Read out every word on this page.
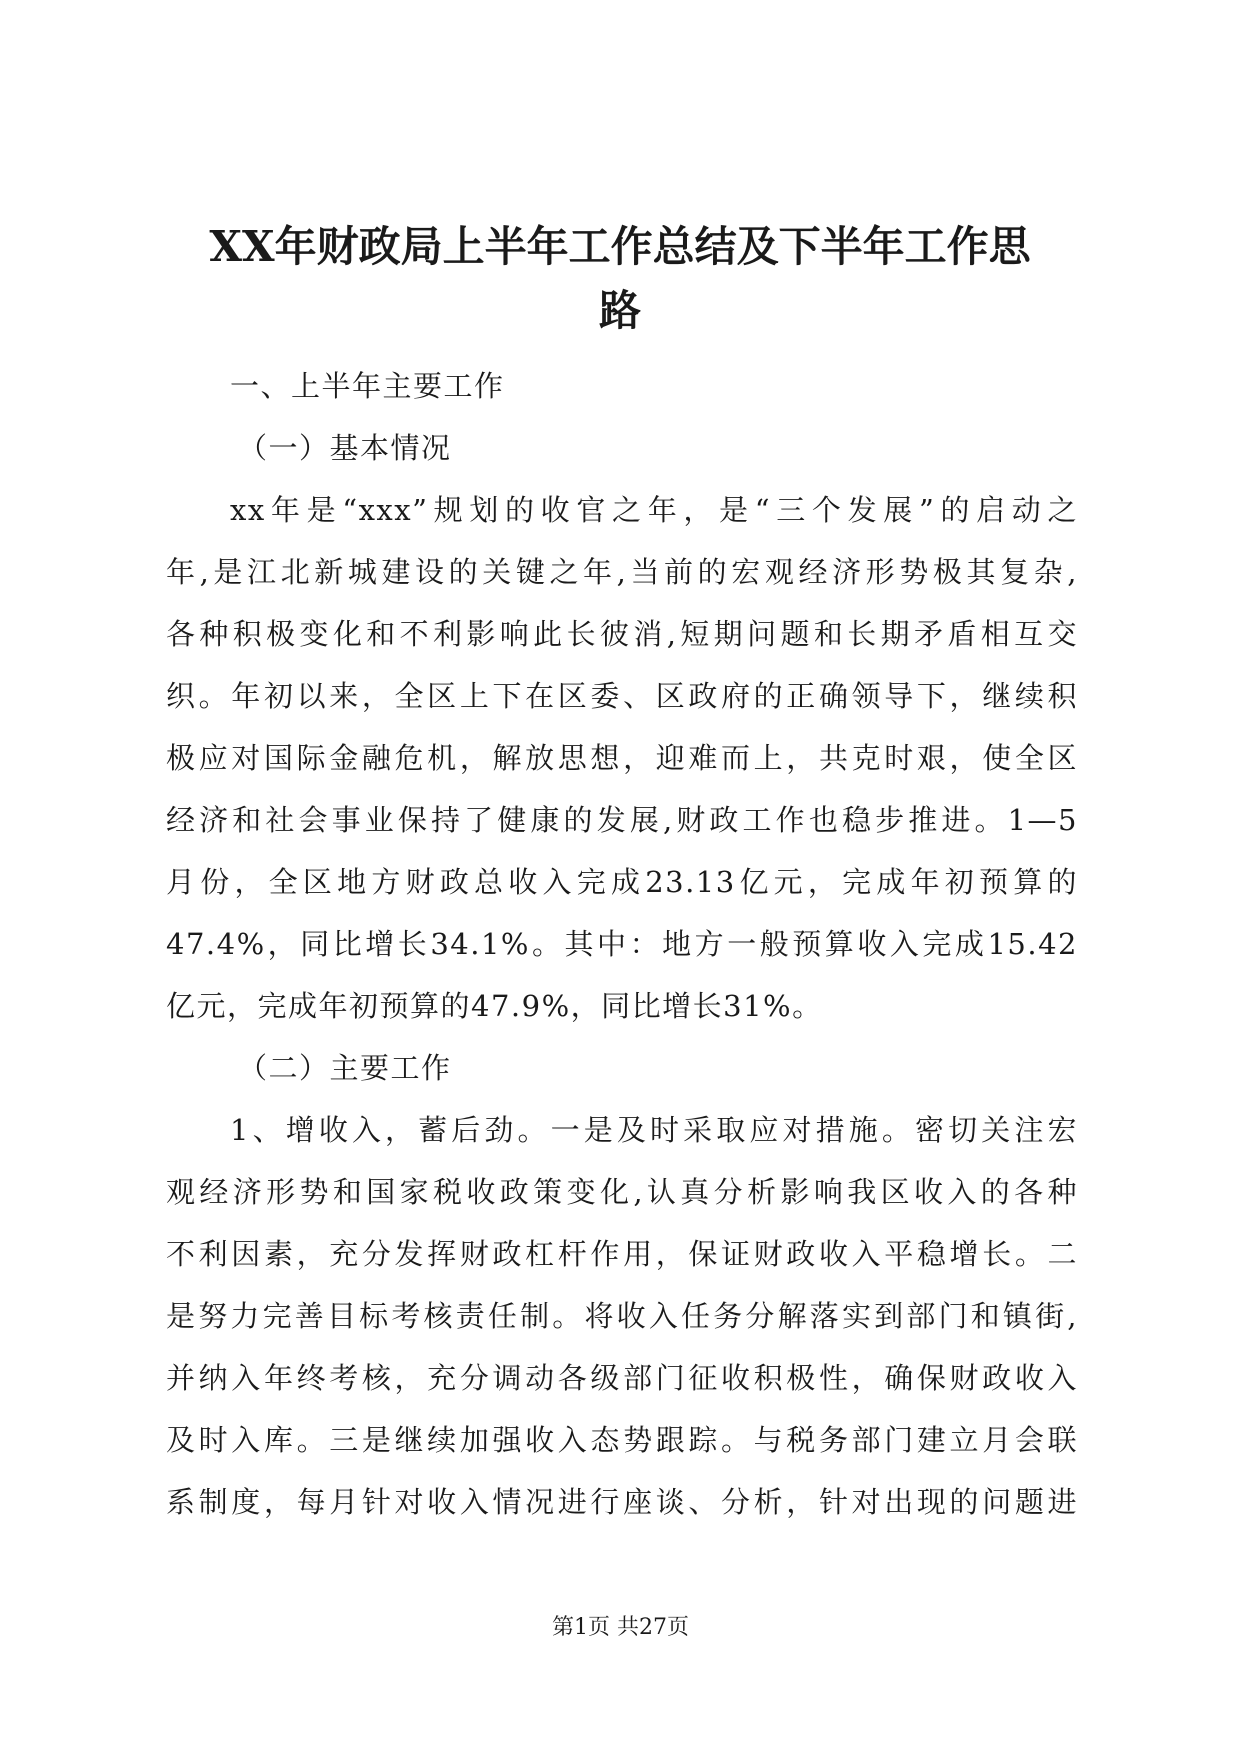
XX年财政局上半年工作总结及下半年工作思
路
一、上半年主要工作
（一）基本情况
xx年是“xxx”规划的收官之年，是“三个发展”的启动之
年,是江北新城建设的关键之年,当前的宏观经济形势极其复杂,
各种积极变化和不利影响此长彼消,短期问题和长期矛盾相互交
织。年初以来，全区上下在区委、区政府的正确领导下，继续积
极应对国际金融危机，解放思想，迎难而上，共克时艰，使全区
经济和社会事业保持了健康的发展,财政工作也稳步推进。1—5
月份，全区地方财政总收入完成23.13亿元，完成年初预算的
47.4%，同比增长34.1%。其中：地方一般预算收入完成15.42
亿元，完成年初预算的47.9%，同比增长31%。
（二）主要工作
1、增收入，蓄后劲。一是及时采取应对措施。密切关注宏
观经济形势和国家税收政策变化,认真分析影响我区收入的各种
不利因素，充分发挥财政杠杆作用，保证财政收入平稳增长。二
是努力完善目标考核责任制。将收入任务分解落实到部门和镇街,
并纳入年终考核，充分调动各级部门征收积极性，确保财政收入
及时入库。三是继续加强收入态势跟踪。与税务部门建立月会联
系制度，每月针对收入情况进行座谈、分析，针对出现的问题进
第1页 共27页
